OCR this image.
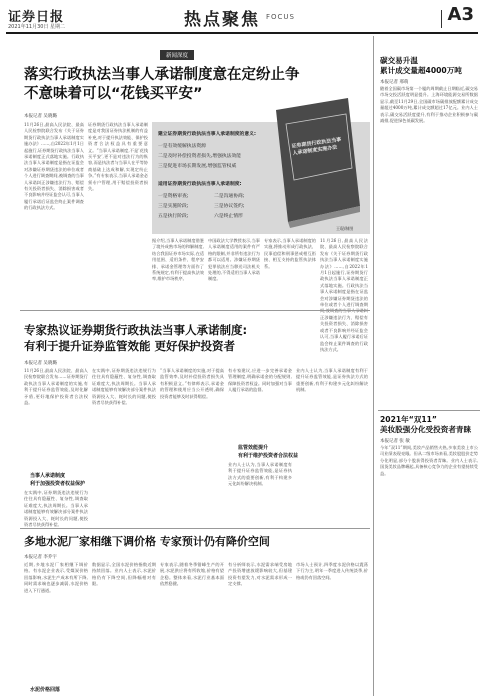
证券日报
2021年11月30日 星期二	热点聚焦 FOCUS	A3
新闻深度
落实行政执法当事人承诺制度意在定纷止争
不意味着可以“花钱买平安”
本报记者 吴晓璐
11月26日,最高人民法院、最高人民检察院联合发布《关于证券期货行政执法当事人承诺制度实施办法》……,自2022年1月1日起施行,证券期货行政执法当事人承诺制度正式落地实施。行政执法当事人承诺制度是指在证监会对涉嫌证券期货违法的单位或者个人进行调查期间,被调查的当事人承诺纠正涉嫌违法行为、赔偿有关投资者损失、消除损害或者不良影响并经证监会认可,当事人履行承诺后证监会终止案件调查的行政执法方式。
证券期货行政执法当事人承诺制度是对我国证券执法机制的有益补充,对于提升执法效能、保护投资者合法权益具有重要意义。“当事人承诺制度,不是‘花钱买平安’,更不是对违法行为的纵容,而是执法者与当事人在平等协商基础上达成和解,实现定纷止争。”有专家表示,当事人承诺金必须专户管理,用于赔偿投资者损失。
建立证券期货行政执法当事人承诺制度的意义:
一是有效缓解执法资源
二是及时补偿投资者损失,增强执法效能
三是促进市场长期发展,增强监管权威
适用证券期货行政执法当事人承诺制度:
一是资格审查;
三是实施阶段;
五是执行阶段;
二是沟通协商;
三是协议签约;
六是终止情形
证券期货行政执法当事人承诺制度实施办法
王琨/制图
据介绍,当事人承诺制度借鉴了境外成熟市场的和解制度,结合我国证券市场实际,在适用范围、适用条件、程序安排、承诺金管理等方面作了系统规定,有利于提高执法效率,维护市场秩序。
中国政法大学教授表示,当事人承诺制度适用的案件有严格的限制,并非所有违法行为都可以适用。涉嫌证券期货犯罪依法应当移送司法机关处理的,不得适用当事人承诺制度。
专家表示,当事人承诺制度的实施,将推动形成行政执法、民事追偿和刑事惩戒相互衔接、相互支持的监管执法体系。
11月26日,最高人民法院、最高人民检察院联合发布《关于证券期货行政执法当事人承诺制度实施办法》……,自2022年1月1日起施行,证券期货行政执法当事人承诺制度正式落地实施。行政执法当事人承诺制度是指在证监会对涉嫌证券期货违法的单位或者个人进行调查期 正涉嫌违法行为、赔偿有关投资者损失、消除损害或者不良影响并经证监会认可,当事人履行承诺后证监会终止案件调查的行政执法方式。
专家热议证券期货行政执法当事人承诺制度:
有利于提升证券监管效能 更好保护投资者
本报记者 吴晓璐
11月26日,最高人民法院、最高人民检察院联合发布……证券期货行政执法当事人承诺制度的实施,有利于提升证券监管效能,及时化解矛盾,更好地保护投资者合法权益。
当事人承诺制度
利于加强投资者权益保护
在实践中,证券期货违法违规行为往往具有隐蔽性、复杂性,调查取证难度大,执法周期长。当事人承诺制度能够有效解决部分案件执法资源投入大、耗时长的问题,使投资者尽快获得补偿。
在实践中,证券期货违法违规行为往往具有隐蔽性、复杂性,调查取证难度大,执法周期长。当事人承诺制度能够有效解决部分案件执法资源投入大、耗时长的问题,使投资者尽快获得补偿。
“当事人承诺制度的实施,对于提高监管效率,及时补偿投资者损失具有积极意义。”有律师表示,承诺金的管理和使用应当公开透明,确保投资者能够及时获得赔偿。
有专家建议,应进一步完善承诺金管理制度,明确承诺金的分配规则,保障投资者权益。同时加强对当事人履行承诺的监督。
监管效能提升
有利于维护投资者合法权益
业内人士认为,当事人承诺制度有利于提升证券监管效能,是证券执法方式的重要创新,有利于构建多元化纠纷解决机制。
业内人士认为,当事人承诺制度有利于提升证券监管效能,是证券执法方式的重要创新,有利于构建多元化纠纷解决机制。
多地水泥厂家相继下调价格 专家预计仍有降价空间
本报记者 李乔宇
近期,多地水泥厂家相继下调价格。有水泥企业表示,受煤炭价格回落影响,水泥生产成本有所下降,同时需求端也逐步减弱,水泥价格进入下行通道。
水泥价格回落
数据显示,全国水泥价格指数近期持续回落。业内人士表示,水泥价格仍有下降空间,但降幅相对有限。
专家表示,随着冬季错峰生产的开展,水泥供应将有所收缩,价格有望企稳。整体来看,水泥行业基本面依然稳健。
有分析师表示,水泥需求端受房地产投资增速放缓影响较大,但基建投资有望发力,对水泥需求形成一定支撑。
市场人士预计,四季度水泥价格以震荡下行为主,明年一季度进入传统淡季,价格或仍有回落空间。
碳交易升温
累计成交量超4000万吨
本报记者 邢萌
随着全国碳市场第一个履约周期截止日期临近,碳交易市场交投活跃度明显提升。上海环境能源交易所数据显示,截至11月29日,全国碳市场碳排放配额累计成交量超过4000万吨,累计成交额超过17亿元。业内人士表示,碳交易活跃度提升,有利于推动企业积极参与碳减排,促进绿色低碳发展。
2021年“双11”
美妆股强分化受投资者青睐
本报记者 张 敏
今年“双11”期间,美妆产品销售火热,多家美妆上市公司业绩表现亮眼。但从二级市场来看,美妆股股价走势分化明显,部分个股获得投资者青睐。业内人士表示,国货美妆品牌崛起,具备核心竞争力的企业有望持续受益。
